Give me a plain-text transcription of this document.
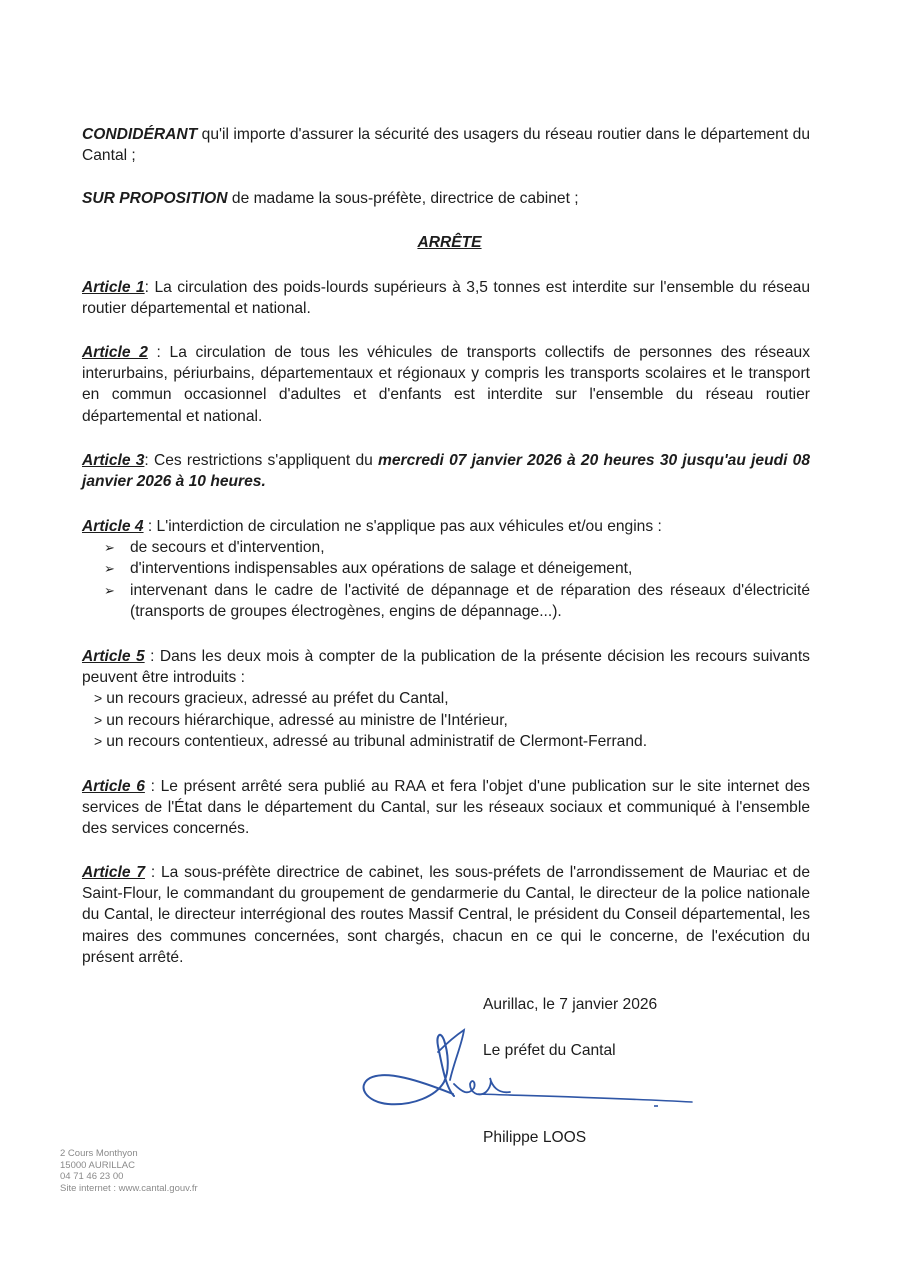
CONDIDÉRANT qu'il importe d'assurer la sécurité des usagers du réseau routier dans le département du Cantal ;

SUR PROPOSITION de madame la sous-préfète, directrice de cabinet ;

ARRÊTE

Article 1: La circulation des poids-lourds supérieurs à 3,5 tonnes est interdite sur l'ensemble du réseau routier départemental et national.

Article 2 : La circulation de tous les véhicules de transports collectifs de personnes des réseaux interurbains, périurbains, départementaux et régionaux y compris les transports scolaires et le transport en commun occasionnel d'adultes et d'enfants est interdite sur l'ensemble du réseau routier départemental et national.

Article 3: Ces restrictions s'appliquent du mercredi 07 janvier 2026 à 20 heures 30 jusqu'au jeudi 08 janvier 2026 à 10 heures.

Article 4 : L'interdiction de circulation ne s'applique pas aux véhicules et/ou engins :

➢ de secours et d'intervention,
➢ d'interventions indispensables aux opérations de salage et déneigement,
➢ intervenant dans le cadre de l'activité de dépannage et de réparation des réseaux d'électricité (transports de groupes électrogènes, engins de dépannage...).

Article 5 : Dans les deux mois à compter de la publication de la présente décision les recours suivants peuvent être introduits :

> un recours gracieux, adressé au préfet du Cantal,
> un recours hiérarchique, adressé au ministre de l'Intérieur,
> un recours contentieux, adressé au tribunal administratif de Clermont-Ferrand.

Article 6 : Le présent arrêté sera publié au RAA et fera l'objet d'une publication sur le site internet des services de l'État dans le département du Cantal, sur les réseaux sociaux et communiqué à l'ensemble des services concernés.

Article 7 : La sous-préfète directrice de cabinet, les sous-préfets de l'arrondissement de Mauriac et de Saint-Flour, le commandant du groupement de gendarmerie du Cantal, le directeur de la police nationale du Cantal, le directeur interrégional des routes Massif Central, le président du Conseil départemental, les maires des communes concernées, sont chargés, chacun en ce qui le concerne, de l'exécution du présent arrêté.

Aurillac, le 7 janvier 2026
Le préfet du Cantal
Philippe LOOS
2 Cours Monthyon
15000 AURILLAC
04 71 46 23 00
Site internet : www.cantal.gouv.fr
